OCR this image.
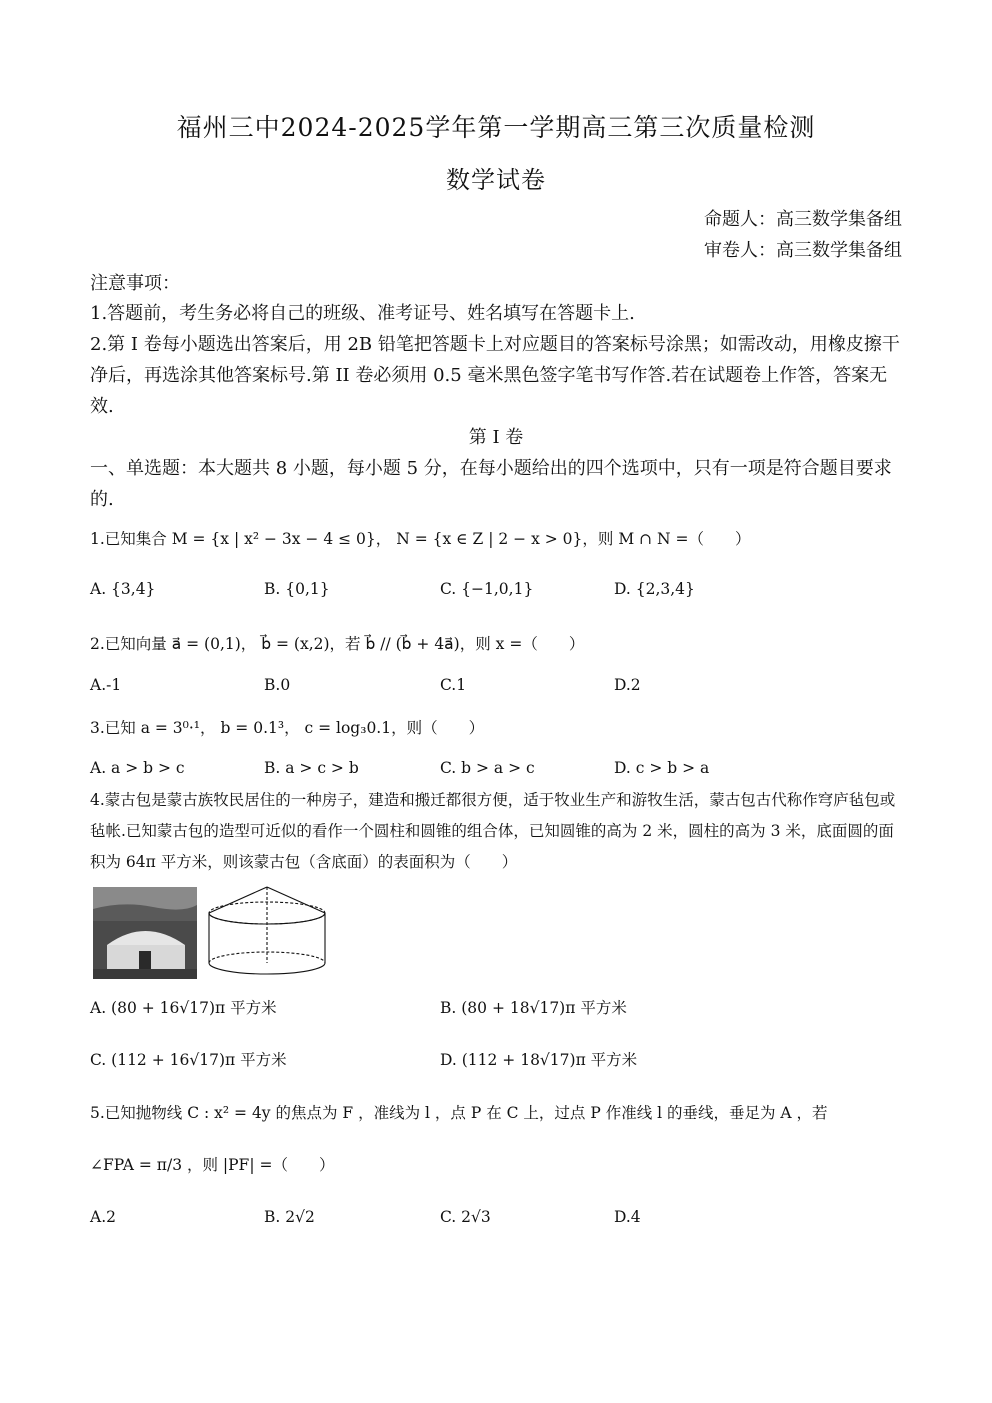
福州三中2024-2025学年第一学期高三第三次质量检测
数学试卷
命题人：高三数学集备组
审卷人：高三数学集备组
注意事项：
1.答题前，考生务必将自己的班级、准考证号、姓名填写在答题卡上.
2.第 I 卷每小题选出答案后，用 2B 铅笔把答题卡上对应题目的答案标号涂黑；如需改动，用橡皮擦干净后，再选涂其他答案标号.第 II 卷必须用 0.5 毫米黑色签字笔书写作答.若在试题卷上作答，答案无效.
第 I 卷
一、单选题：本大题共 8 小题，每小题 5 分，在每小题给出的四个选项中，只有一项是符合题目要求的.
1.已知集合 M = {x | x² − 3x − 4 ≤ 0}， N = {x ∈ Z | 2 − x > 0}，则 M ∩ N =（　　）
A. {3,4}	B. {0,1}	C. {−1,0,1}	D. {2,3,4}
2.已知向量 a⃗ = (0,1)， b⃗ = (x,2)，若 b⃗ // (b⃗ + 4a⃗)，则 x =（　　）
A.-1	B.0	C.1	D.2
3.已知 a = 3⁰·¹， b = 0.1³， c = log₃0.1，则（　　）
A. a > b > c	B. a > c > b	C. b > a > c	D. c > b > a
4.蒙古包是蒙古族牧民居住的一种房子，建造和搬迁都很方便，适于牧业生产和游牧生活，蒙古包古代称作穹庐毡包或毡帐.已知蒙古包的造型可近似的看作一个圆柱和圆锥的组合体，已知圆锥的高为 2 米，圆柱的高为 3 米，底面圆的面积为 64π 平方米，则该蒙古包（含底面）的表面积为（　　）
A. (80 + 16√17)π 平方米	B. (80 + 18√17)π 平方米
C. (112 + 16√17)π 平方米	D. (112 + 18√17)π 平方米
5.已知抛物线 C : x² = 4y 的焦点为 F ，准线为 l ，点 P 在 C 上，过点 P 作准线 l 的垂线，垂足为 A ，若
∠FPA = π/3 ，则 |PF| =（　　）
A.2	B. 2√2	C. 2√3	D.4
